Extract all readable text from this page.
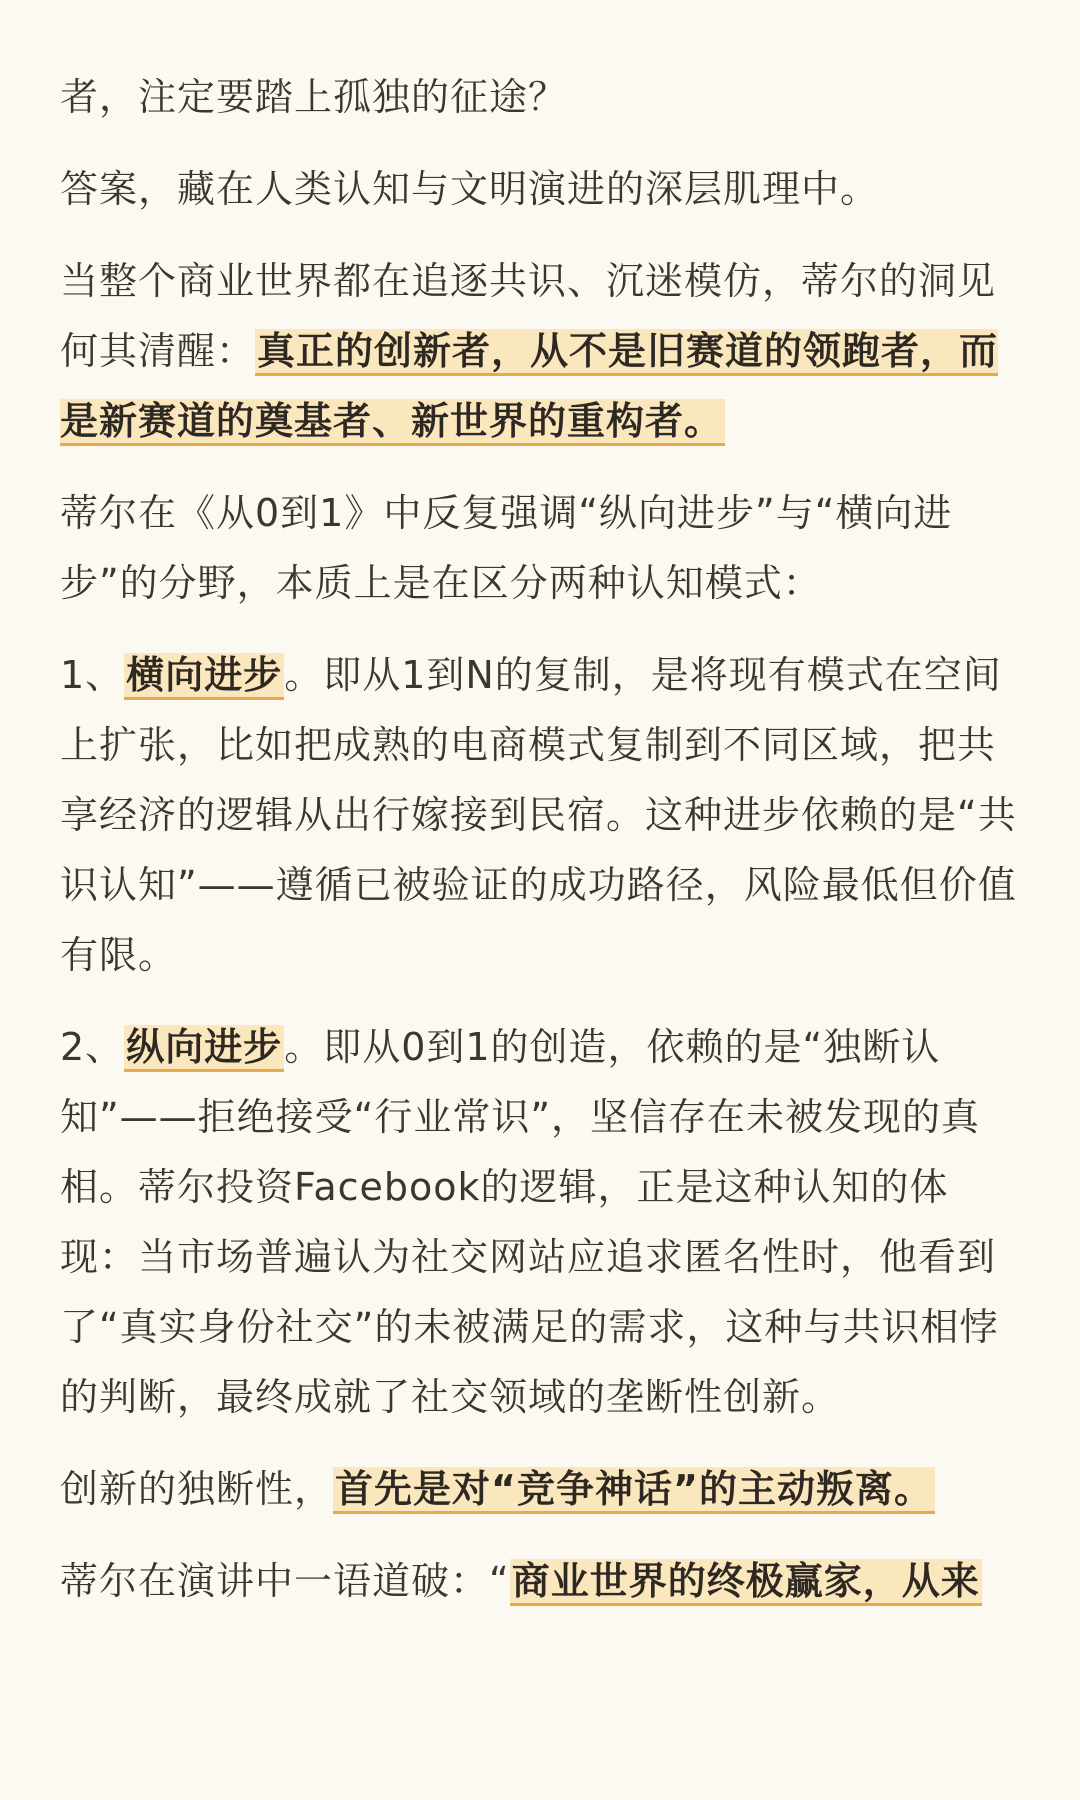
者，注定要踏上孤独的征途？

答案，藏在人类认知与文明演进的深层肌理中。

当整个商业世界都在追逐共识、沉迷模仿，蒂尔的洞见何其清醒：真正的创新者，从不是旧赛道的领跑者，而是新赛道的奠基者、新世界的重构者。

蒂尔在《从0到1》中反复强调“纵向进步”与“横向进步”的分野，本质上是在区分两种认知模式：

1、横向进步。即从1到N的复制，是将现有模式在空间上扩张，比如把成熟的电商模式复制到不同区域，把共享经济的逻辑从出行嫁接到民宿。这种进步依赖的是“共识认知”——遵循已被验证的成功路径，风险最低但价值有限。

2、纵向进步。即从0到1的创造，依赖的是“独断认知”——拒绝接受“行业常识”，坚信存在未被发现的真相。蒂尔投资Facebook的逻辑，正是这种认知的体现：当市场普遍认为社交网站应追求匿名性时，他看到了“真实身份社交”的未被满足的需求，这种与共识相悖的判断，最终成就了社交领域的垄断性创新。

创新的独断性，首先是对“竞争神话”的主动叛离。

蒂尔在演讲中一语道破：“商业世界的终极赢家，从来
